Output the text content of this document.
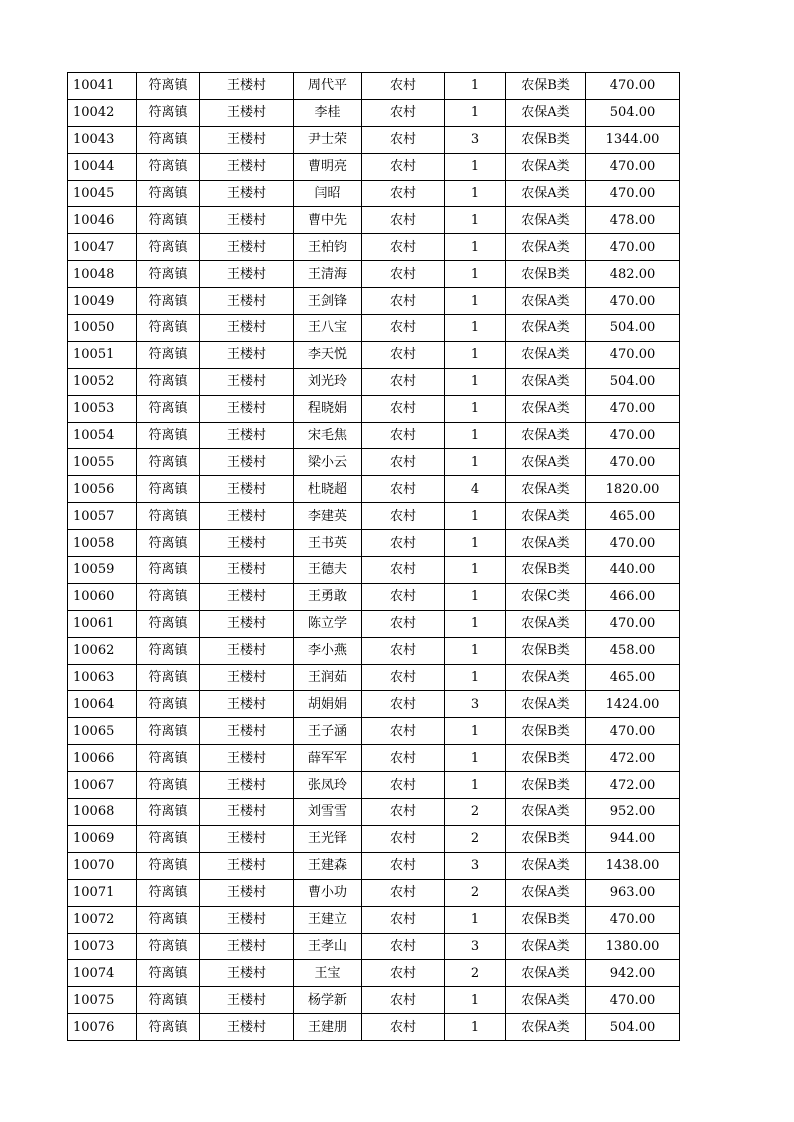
10041	符离镇	王楼村	周代平	农村	1	农保B类	470.00
10042	符离镇	王楼村	李桂	农村	1	农保A类	504.00
10043	符离镇	王楼村	尹士荣	农村	3	农保B类	1344.00
10044	符离镇	王楼村	曹明亮	农村	1	农保A类	470.00
10045	符离镇	王楼村	闫昭	农村	1	农保A类	470.00
10046	符离镇	王楼村	曹中先	农村	1	农保A类	478.00
10047	符离镇	王楼村	王柏钧	农村	1	农保A类	470.00
10048	符离镇	王楼村	王清海	农村	1	农保B类	482.00
10049	符离镇	王楼村	王剑锋	农村	1	农保A类	470.00
10050	符离镇	王楼村	王八宝	农村	1	农保A类	504.00
10051	符离镇	王楼村	李天悦	农村	1	农保A类	470.00
10052	符离镇	王楼村	刘光玲	农村	1	农保A类	504.00
10053	符离镇	王楼村	程晓娟	农村	1	农保A类	470.00
10054	符离镇	王楼村	宋毛焦	农村	1	农保A类	470.00
10055	符离镇	王楼村	梁小云	农村	1	农保A类	470.00
10056	符离镇	王楼村	杜晓超	农村	4	农保A类	1820.00
10057	符离镇	王楼村	李建英	农村	1	农保A类	465.00
10058	符离镇	王楼村	王书英	农村	1	农保A类	470.00
10059	符离镇	王楼村	王德夫	农村	1	农保B类	440.00
10060	符离镇	王楼村	王勇敢	农村	1	农保C类	466.00
10061	符离镇	王楼村	陈立学	农村	1	农保A类	470.00
10062	符离镇	王楼村	李小燕	农村	1	农保B类	458.00
10063	符离镇	王楼村	王润茹	农村	1	农保A类	465.00
10064	符离镇	王楼村	胡娟娟	农村	3	农保A类	1424.00
10065	符离镇	王楼村	王子涵	农村	1	农保B类	470.00
10066	符离镇	王楼村	薛军军	农村	1	农保B类	472.00
10067	符离镇	王楼村	张凤玲	农村	1	农保B类	472.00
10068	符离镇	王楼村	刘雪雪	农村	2	农保A类	952.00
10069	符离镇	王楼村	王光铎	农村	2	农保B类	944.00
10070	符离镇	王楼村	王建森	农村	3	农保A类	1438.00
10071	符离镇	王楼村	曹小功	农村	2	农保A类	963.00
10072	符离镇	王楼村	王建立	农村	1	农保B类	470.00
10073	符离镇	王楼村	王孝山	农村	3	农保A类	1380.00
10074	符离镇	王楼村	王宝	农村	2	农保A类	942.00
10075	符离镇	王楼村	杨学新	农村	1	农保A类	470.00
10076	符离镇	王楼村	王建朋	农村	1	农保A类	504.00
